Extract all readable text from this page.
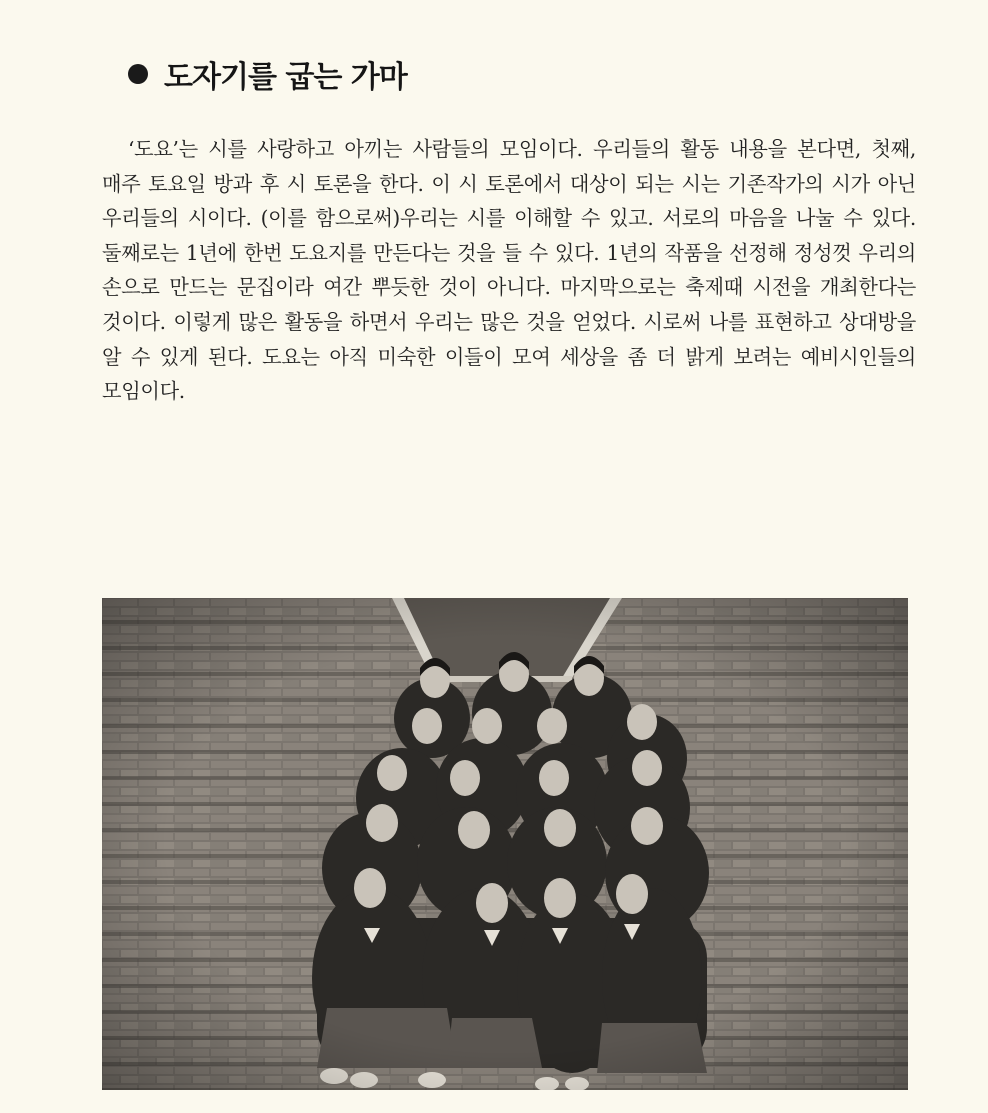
도자기를 굽는 가마

‘도요’는 시를 사랑하고 아끼는 사람들의 모임이다. 우리들의 활동 내용을 본다면, 첫째, 매주 토요일 방과 후 시 토론을 한다. 이 시 토론에서 대상이 되는 시는 기존작가의 시가 아닌 우리들의 시이다. (이를 함으로써)우리는 시를 이해할 수 있고. 서로의 마음을 나눌 수 있다. 둘째로는 1년에 한번 도요지를 만든다는 것을 들 수 있다. 1년의 작품을 선정해 정성껏 우리의 손으로 만드는 문집이라 여간 뿌듯한 것이 아니다. 마지막으로는 축제때 시전을 개최한다는 것이다. 이렇게 많은 활동을 하면서 우리는 많은 것을 얻었다. 시로써 나를 표현하고 상대방을 알 수 있게 된다. 도요는 아직 미숙한 이들이 모여 세상을 좀 더 밝게 보려는 예비시인들의 모임이다.
